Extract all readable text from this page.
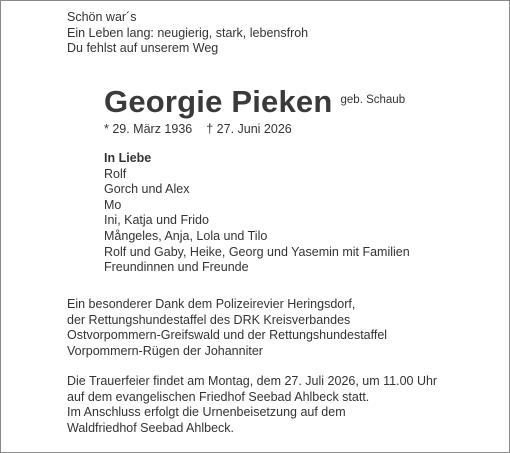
Schön war´s
Ein Leben lang: neugierig, stark, lebensfroh
Du fehlst auf unserem Weg
Georgie Pieken $^{geb. Schaub}$
* 29. März 1936 † 27. Juni 2026
In Liebe
Rolf
Gorch und Alex
Mo
Ini, Katja und Frido
Mångeles, Anja, Lola und Tilo
Rolf und Gaby, Heike, Georg und Yasemin mit Familien
Freundinnen und Freunde
Ein besonderer Dank dem Polizeirevier Heringsdorf,
der Rettungshundestaffel des DRK Kreisverbandes
Ostvorpommern-Greifswald und der Rettungshundestaffel
Vorpommern-Rügen der Johanniter
Die Trauerfeier findet am Montag, dem 27. Juli 2026, um 11.00 Uhr
auf dem evangelischen Friedhof Seebad Ahlbeck statt.
Im Anschluss erfolgt die Urnenbeisetzung auf dem
Waldfriedhof Seebad Ahlbeck.
